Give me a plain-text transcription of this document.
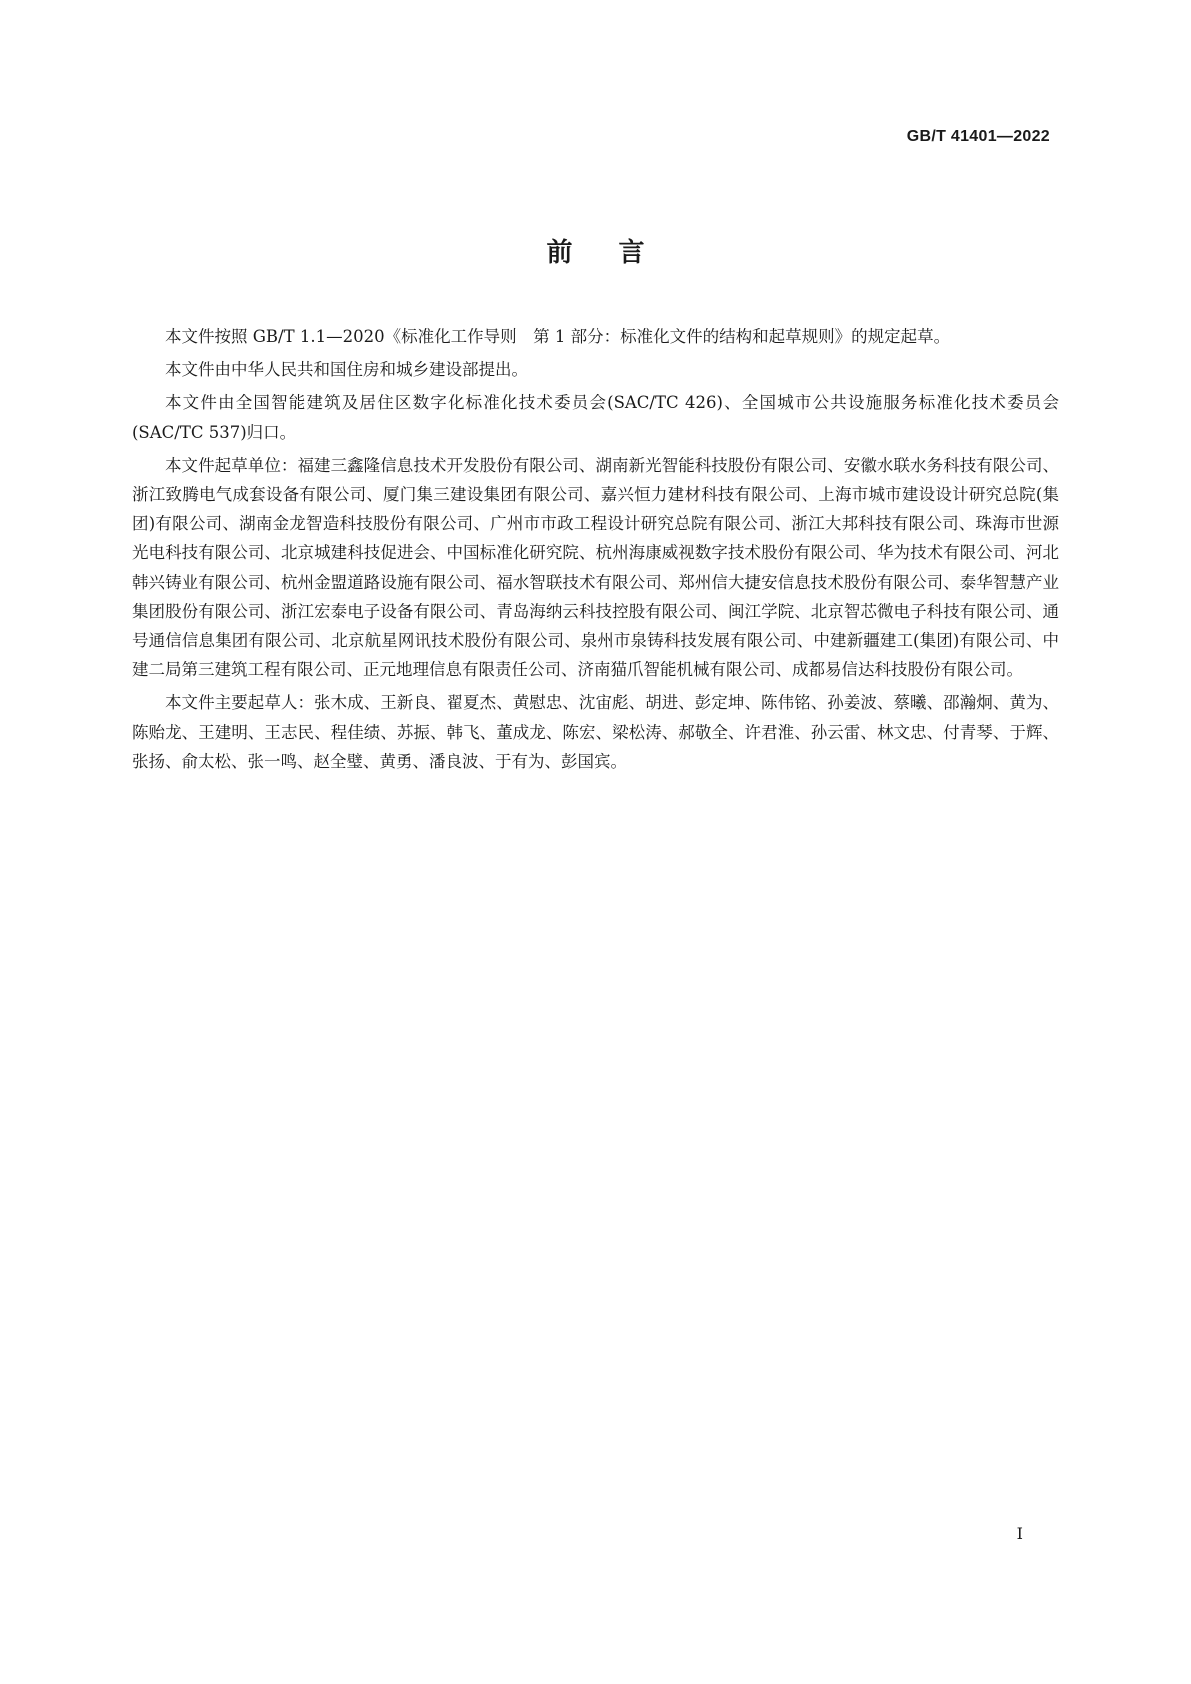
GB/T 41401—2022
前言

本文件按照 GB/T 1.1—2020《标准化工作导则　第 1 部分：标准化文件的结构和起草规则》的规定起草。

本文件由中华人民共和国住房和城乡建设部提出。

本文件由全国智能建筑及居住区数字化标准化技术委员会(SAC/TC 426)、全国城市公共设施服务标准化技术委员会(SAC/TC 537)归口。

本文件起草单位：福建三鑫隆信息技术开发股份有限公司、湖南新光智能科技股份有限公司、安徽水联水务科技有限公司、浙江致腾电气成套设备有限公司、厦门集三建设集团有限公司、嘉兴恒力建材科技有限公司、上海市城市建设设计研究总院(集团)有限公司、湖南金龙智造科技股份有限公司、广州市市政工程设计研究总院有限公司、浙江大邦科技有限公司、珠海市世源光电科技有限公司、北京城建科技促进会、中国标准化研究院、杭州海康威视数字技术股份有限公司、华为技术有限公司、河北韩兴铸业有限公司、杭州金盟道路设施有限公司、福水智联技术有限公司、郑州信大捷安信息技术股份有限公司、泰华智慧产业集团股份有限公司、浙江宏泰电子设备有限公司、青岛海纳云科技控股有限公司、闽江学院、北京智芯微电子科技有限公司、通号通信信息集团有限公司、北京航星网讯技术股份有限公司、泉州市泉铸科技发展有限公司、中建新疆建工(集团)有限公司、中建二局第三建筑工程有限公司、正元地理信息有限责任公司、济南猫爪智能机械有限公司、成都易信达科技股份有限公司。

本文件主要起草人：张木成、王新良、翟夏杰、黄慰忠、沈宙彪、胡进、彭定坤、陈伟铭、孙姜波、蔡曦、邵瀚炯、黄为、陈贻龙、王建明、王志民、程佳绩、苏振、韩飞、董成龙、陈宏、梁松涛、郝敬全、许君淮、孙云雷、林文忠、付青琴、于辉、张扬、俞太松、张一鸣、赵全璧、黄勇、潘良波、于有为、彭国宾。

I
